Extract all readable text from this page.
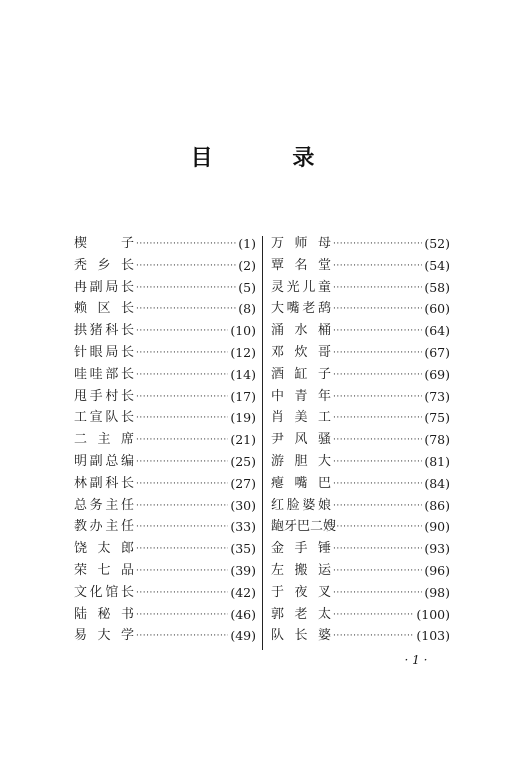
目 录
楔子 ·····	(1)
秃乡长 ·····	(2)
冉副局长 ·····	(5)
赖区长 ·····	(8)
拱猪科长 ·····	(10)
针眼局长 ·····	(12)
哇哇部长 ·····	(14)
甩手村长 ·····	(17)
工宣队长 ·····	(19)
二主席 ·····	(21)
明副总编 ·····	(25)
林副科长 ·····	(27)
总务主任 ·····	(30)
教办主任 ·····	(33)
饶太郎 ·····	(35)
荣七品 ·····	(39)
文化馆长 ·····	(42)
陆秘书 ·····	(46)
易大学 ·····	(49)
万师母 ·····	(52)
覃名堂 ·····	(54)
灵光儿童 ·····	(58)
大嘴老鸹 ·····	(60)
涌水桶 ·····	(64)
邓炊哥 ·····	(67)
酒缸子 ·····	(69)
中青年 ·····	(73)
肖美工 ·····	(75)
尹风骚 ·····	(78)
游胆大 ·····	(81)
瘪嘴巴 ·····	(84)
红脸婆娘 ·····	(86)
龅牙巴二嫂 ·····	(90)
金手锤 ·····	(93)
左搬运 ·····	(96)
于夜叉 ·····	(98)
郭老太 ·····	(100)
队长婆 ·····	(103)
· 1 ·
